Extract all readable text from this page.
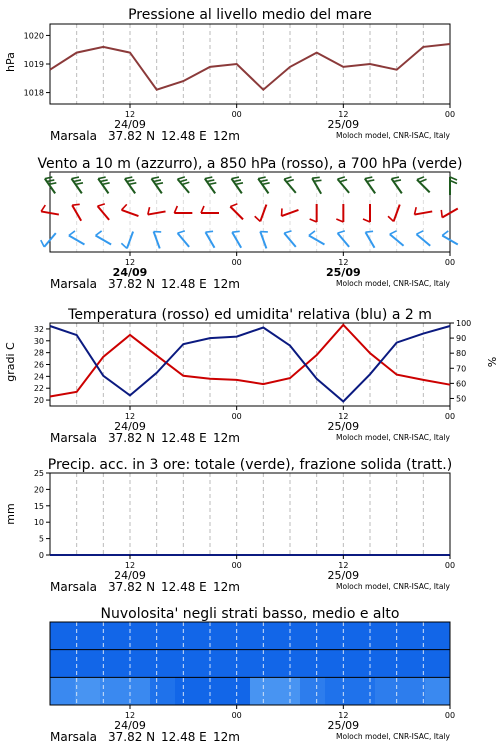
Pressione al livello medio del mare
hPa
1018
1019
1020
12	00	12	00
24/09	25/09
Marsala 37.82 N 12.48 E 12m	Moloch model, CNR-ISAC, Italy
Vento a 10 m (azzurro), a 850 hPa (rosso), a 700 hPa (verde)
12	00	12	00
24/09	25/09
Marsala 37.82 N 12.48 E 12m	Moloch model, CNR-ISAC, Italy
Temperatura (rosso) ed umidita' relativa (blu) a 2 m
gradi C	%
20
22
24
26
28
30
32
50
60
70
80
90
100
12	00	12	00
24/09	25/09
Marsala 37.82 N 12.48 E 12m	Moloch model, CNR-ISAC, Italy
Precip. acc. in 3 ore: totale (verde), frazione solida (tratt.)
mm
0
5
10
15
20
25
12	00	12	00
24/09	25/09
Marsala 37.82 N 12.48 E 12m	Moloch model, CNR-ISAC, Italy
Nuvolosita' negli strati basso, medio e alto
12	00	12	00
24/09	25/09
Marsala 37.82 N 12.48 E 12m	Moloch model, CNR-ISAC, Italy
